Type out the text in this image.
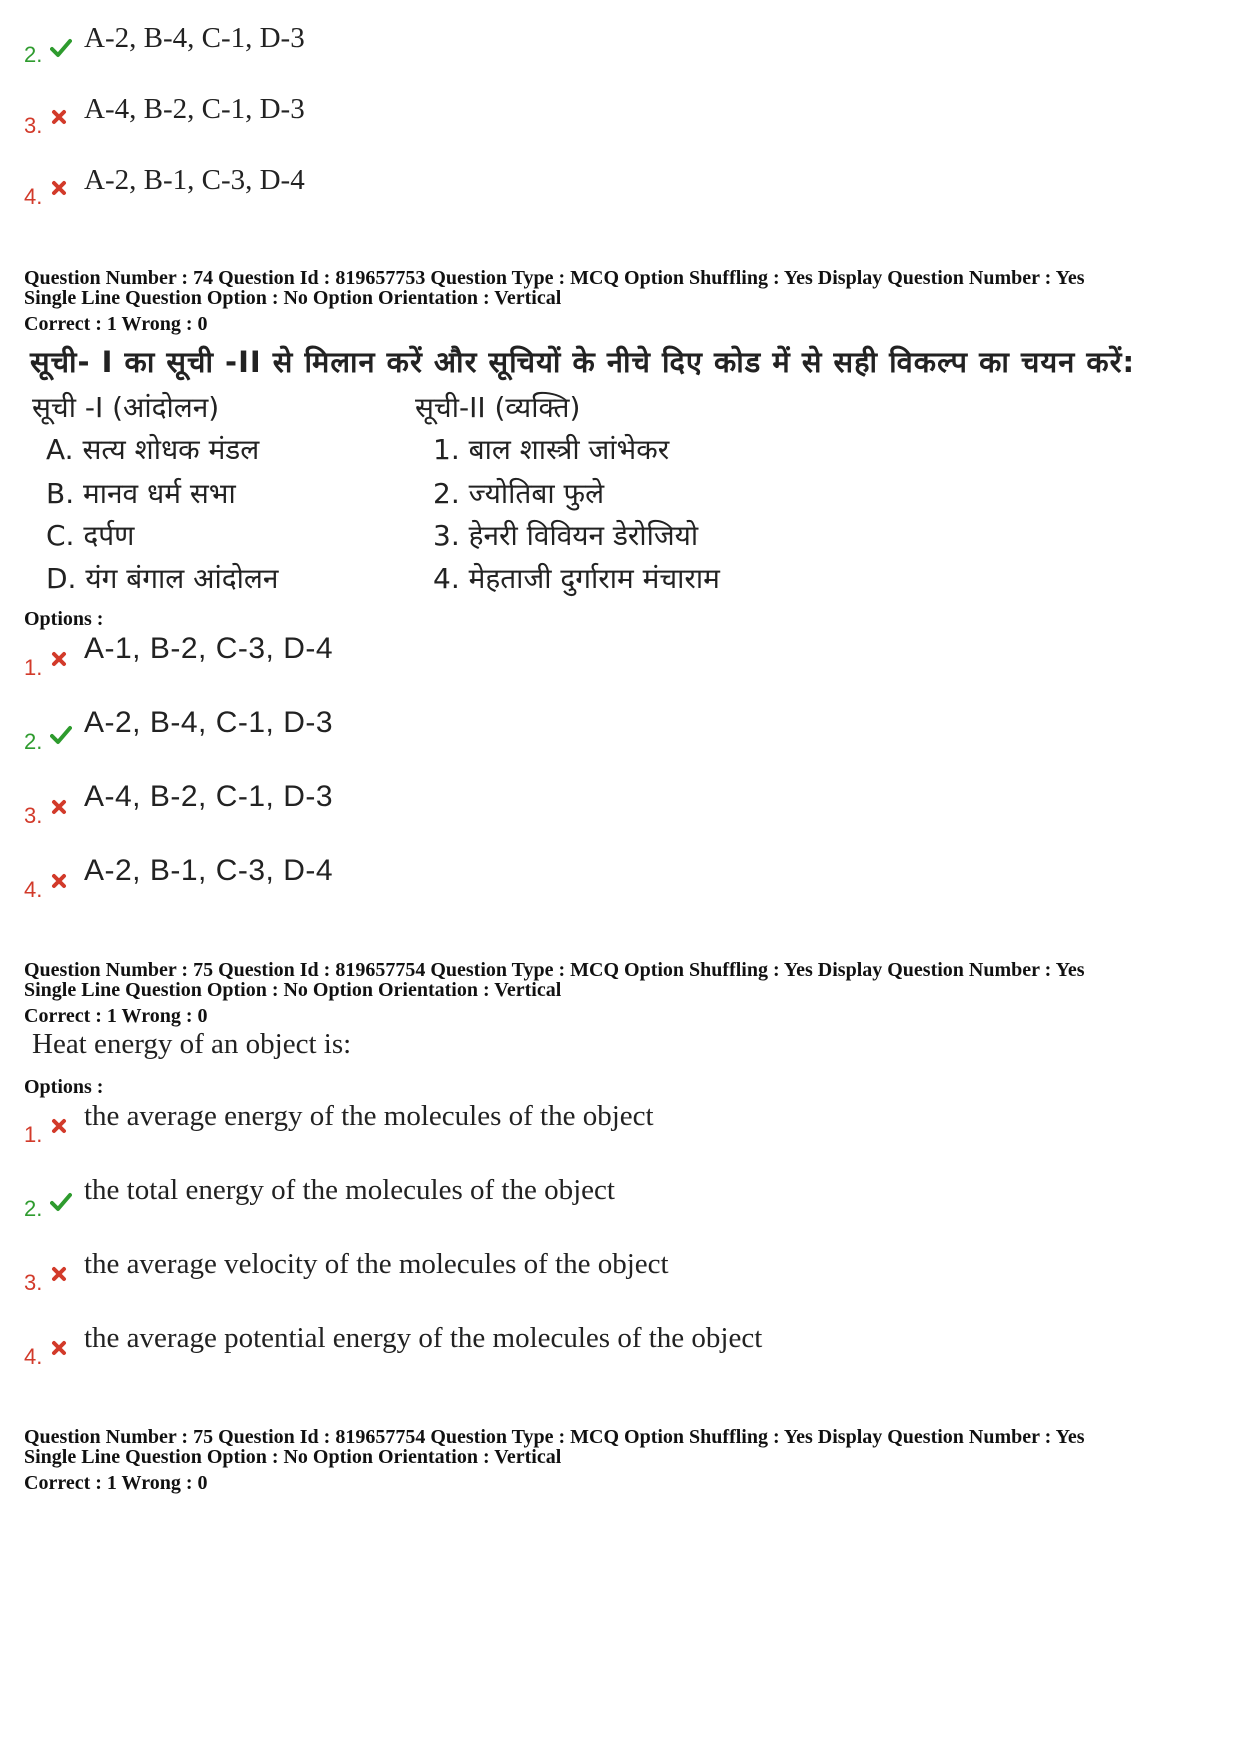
2.
A-2, B-4, C-1, D-3
3.
A-4, B-2, C-1, D-3
4.
A-2, B-1, C-3, D-4
Question Number : 74 Question Id : 819657753 Question Type : MCQ Option Shuffling : Yes Display Question Number : Yes
Single Line Question Option : No Option Orientation : Vertical
Correct : 1 Wrong : 0
सूची- I का सूची -II से मिलान करें और सूचियों के नीचे दिए कोड में से सही विकल्प का चयन करें:
सूची -I (आंदोलन)	सूची-II (व्यक्ति)
A. सत्य शोधक मंडल
B. मानव धर्म सभा
C. दर्पण
D. यंग बंगाल आंदोलन
1. बाल शास्त्री जांभेकर
2. ज्योतिबा फुले
3. हेनरी विवियन डेरोजियो
4. मेहताजी दुर्गाराम मंचाराम
Options :
1.
A-1, B-2, C-3, D-4
2.
A-2, B-4, C-1, D-3
3.
A-4, B-2, C-1, D-3
4.
A-2, B-1, C-3, D-4
Question Number : 75 Question Id : 819657754 Question Type : MCQ Option Shuffling : Yes Display Question Number : Yes
Single Line Question Option : No Option Orientation : Vertical
Correct : 1 Wrong : 0
Heat energy of an object is:
Options :
1.
the average energy of the molecules of the object
2.
the total energy of the molecules of the object
3.
the average velocity of the molecules of the object
4.
the average potential energy of the molecules of the object
Question Number : 75 Question Id : 819657754 Question Type : MCQ Option Shuffling : Yes Display Question Number : Yes
Single Line Question Option : No Option Orientation : Vertical
Correct : 1 Wrong : 0
